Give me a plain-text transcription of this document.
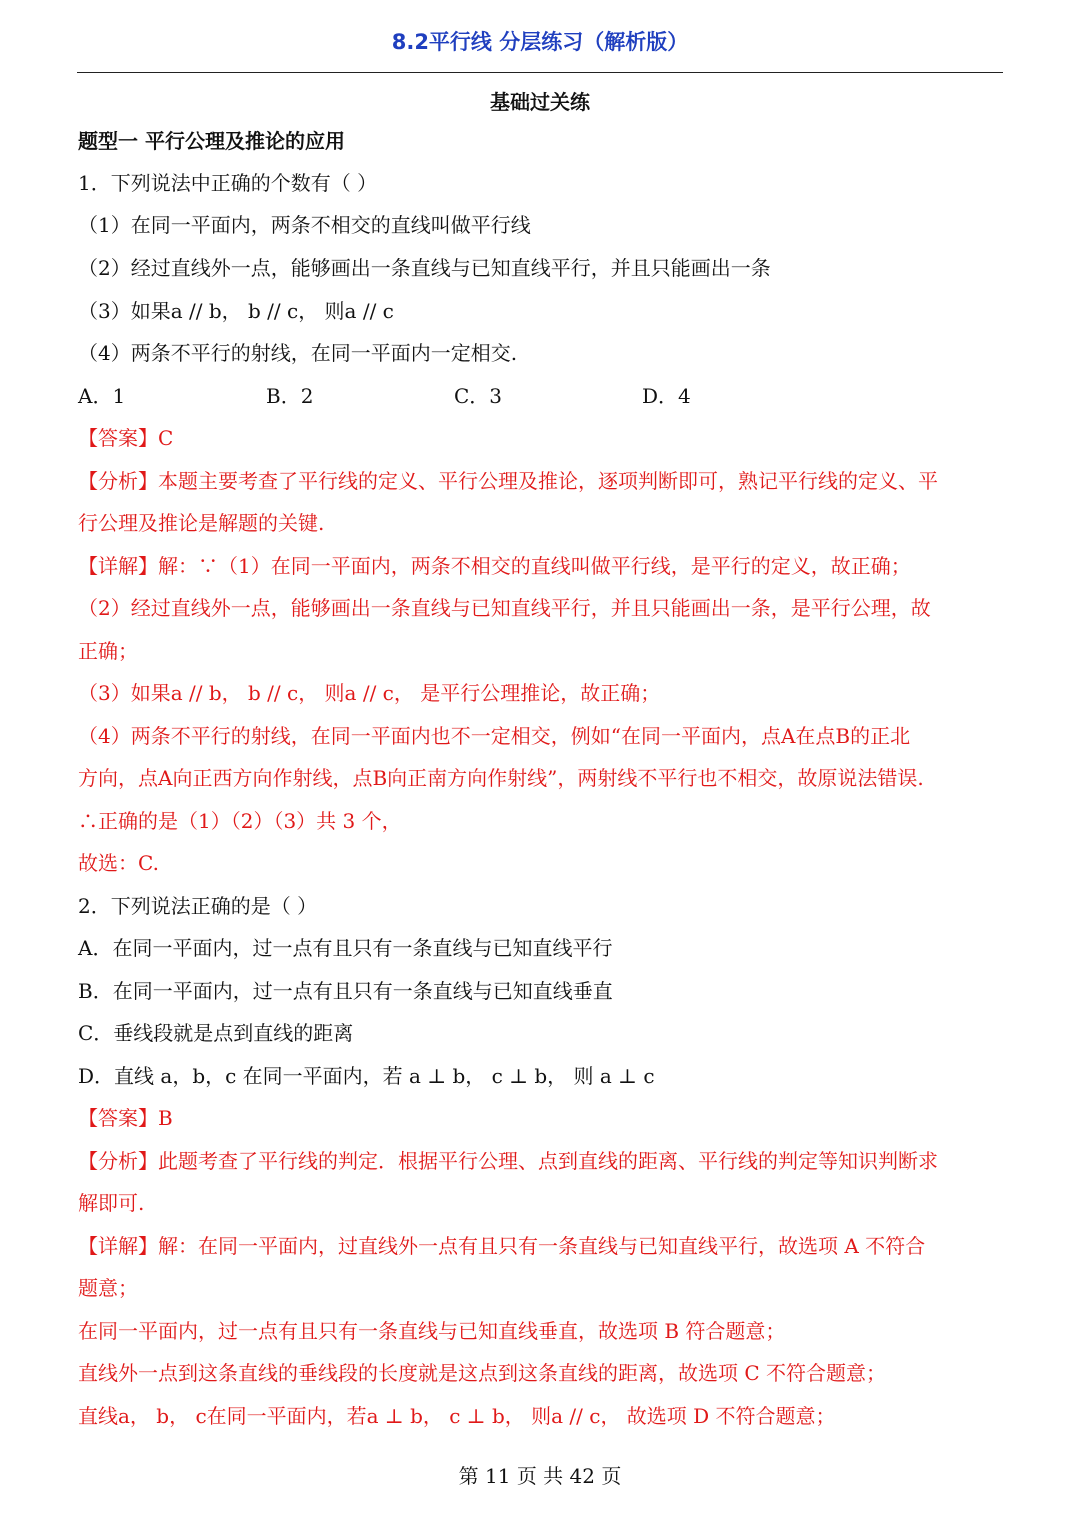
8.2平行线 分层练习（解析版）
基础过关练
题型一 平行公理及推论的应用
1．下列说法中正确的个数有（ ）
（1）在同一平面内，两条不相交的直线叫做平行线
（2）经过直线外一点，能够画出一条直线与已知直线平行，并且只能画出一条
（3）如果a // b， b // c， 则a // c
（4）两条不平行的射线，在同一平面内一定相交.
A．1	B．2	C．3	D．4
【答案】C
【分析】本题主要考查了平行线的定义、平行公理及推论，逐项判断即可，熟记平行线的定义、平
行公理及推论是解题的关键.
【详解】解：∵（1）在同一平面内，两条不相交的直线叫做平行线，是平行的定义，故正确；
（2）经过直线外一点，能够画出一条直线与已知直线平行，并且只能画出一条，是平行公理，故
正确；
（3）如果a // b， b // c， 则a // c， 是平行公理推论，故正确；
（4）两条不平行的射线，在同一平面内也不一定相交，例如“在同一平面内，点A在点B的正北
方向，点A向正西方向作射线，点B向正南方向作射线”，两射线不平行也不相交，故原说法错误.
∴正确的是（1）（2）（3）共 3 个，
故选：C.
2．下列说法正确的是（ ）
A．在同一平面内，过一点有且只有一条直线与已知直线平行
B．在同一平面内，过一点有且只有一条直线与已知直线垂直
C．垂线段就是点到直线的距离
D．直线 a，b，c 在同一平面内，若 a ⊥ b， c ⊥ b， 则 a ⊥ c
【答案】B
【分析】此题考查了平行线的判定．根据平行公理、点到直线的距离、平行线的判定等知识判断求
解即可.
【详解】解：在同一平面内，过直线外一点有且只有一条直线与已知直线平行，故选项 A 不符合
题意；
在同一平面内，过一点有且只有一条直线与已知直线垂直，故选项 B 符合题意；
直线外一点到这条直线的垂线段的长度就是这点到这条直线的距离，故选项 C 不符合题意；
直线a， b， c在同一平面内，若a ⊥ b， c ⊥ b， 则a // c， 故选项 D 不符合题意；
第 11 页 共 42 页
